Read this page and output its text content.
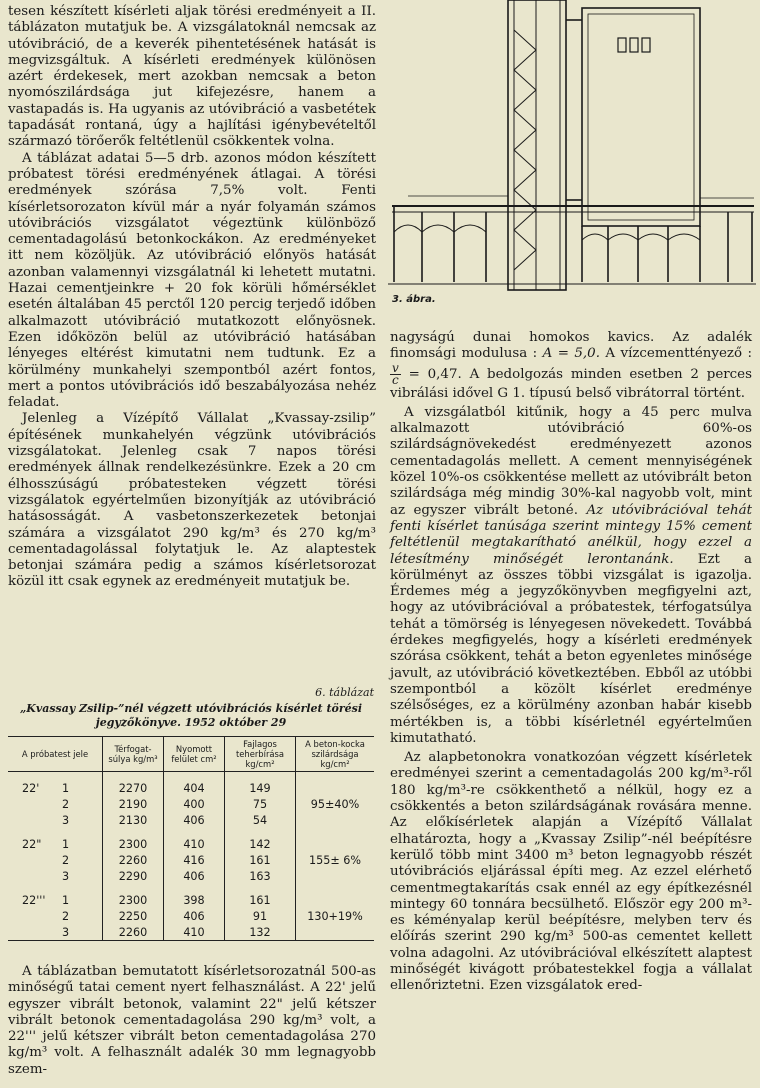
tesen készített kísérleti aljak törési eredményeit a II. táblázaton mutatjuk be. A vizsgálatoknál nemcsak az utóvibráció, de a keverék pihentetésének hatását is megvizsgáltuk. A kísérleti eredmények különösen azért érdekesek, mert azokban nemcsak a beton nyomószilárdsága jut kifejezésre, hanem a vastapadás is. Ha ugyanis az utóvibráció a vasbetétek tapadását rontaná, úgy a hajlítási igénybevételtől származó törőerők feltétlenül csökkentek volna.

A táblázat adatai 5—5 drb. azonos módon készített próbatest törési eredményének átlagai. A törési eredmények szórása 7,5% volt. Fenti kísérletsorozaton kívül már a nyár folyamán számos utóvibrációs vizsgálatot végeztünk különböző cementadagolású betonkockákon. Az eredményeket itt nem közöljük. Az utóvibráció előnyös hatását azonban valamennyi vizsgálatnál ki lehetett mutatni. Hazai cementjeinkre + 20 fok körüli hőmérséklet esetén általában 45 perctől 120 percig terjedő időben alkalmazott utóvibráció mutatkozott előnyösnek. Ezen időközön belül az utóvibráció hatásában lényeges eltérést kimutatni nem tudtunk. Ez a körülmény munkahelyi szempontból azért fontos, mert a pontos utóvibrációs idő beszabályozása nehéz feladat.

Jelenleg a Vízépítő Vállalat „Kvassay-zsilip” építésének munkahelyén végzünk utóvibrációs vizsgálatokat. Jelenleg csak 7 napos törési eredmények állnak rendelkezésünkre. Ezek a 20 cm élhosszúságú próbatesteken végzett törési vizsgálatok egyértelműen bizonyítják az utóvibráció hatásosságát. A vasbetonszerkezetek betonjai számára a vizsgálatot 290 kg/m³ és 270 kg/m³ cementadagolással folytatjuk le. Az alaptestek betonjai számára pedig a számos kísérletsorozat közül itt csak egynek az eredményeit mutatjuk be.

6. táblázat
„Kvassay Zsilip-”nél végzett utóvibrációs kísérlet törési jegyzőkönyve. 1952 október 29
A próbatest jele	Térfogat-súlya kg/m³	Nyomott felület cm²	Fajlagos teherbírása kg/cm²	A beton-kocka szilárdsága kg/cm²

22' 1	2270	404	149	
2	2190	400	75	95±40%
3	2130	406	54	

22" 1	2300	410	142	
2	2260	416	161	155± 6%
3	2290	406	163	

22''' 1	2300	398	161	
2	2250	406	91	130+19%
3	2260	410	132	

A táblázatban bemutatott kísérletsorozatnál 500-as minőségű tatai cement nyert felhasználást. A 22' jelű egyszer vibrált betonok, valamint 22" jelű kétszer vibrált betonok cementadagolása 290 kg/m³ volt, a 22''' jelű kétszer vibrált beton cementadagolása 270 kg/m³ volt. A felhasznált adalék 30 mm legnagyobb szem-

3. ábra.

nagyságú dunai homokos kavics. Az adalék finomsági modulusa : A = 5,0. A vízcementtényező :
$\frac{v}{c} = 0,47$. A bedolgozás minden esetben 2 perces vibrálási idővel G 1. típusú belső vibrátorral történt.

A vizsgálatból kitűnik, hogy a 45 perc mulva alkalmazott utóvibráció 60%-os szilárdságnövekedést eredményezett azonos cementadagolás mellett. A cement mennyiségének közel 10%-os csökkentése mellett az utóvibrált beton szilárdsága még mindig 30%-kal nagyobb volt, mint az egyszer vibrált betoné. Az utóvibrációval tehát fenti kísérlet tanúsága szerint mintegy 15% cement feltétlenül megtakarítható anélkül, hogy ezzel a létesítmény minőségét lerontanánk. Ezt a körülményt az összes többi vizsgálat is igazolja. Érdemes még a jegyzőkönyvben megfigyelni azt, hogy az utóvibrációval a próbatestek, térfogatsúlya tehát a tömörség is lényegesen növekedett. Továbbá érdekes megfigyelés, hogy a kísérleti eredmények szórása csökkent, tehát a beton egyenletes minősége javult, az utóvibráció következtében. Ebből az utóbbi szempontból a közölt kísérlet eredménye szélsőséges, ez a körülmény azonban habár kisebb mértékben is, a többi kísérletnél egyértelműen kimutatható.

Az alapbetonokra vonatkozóan végzett kísérletek eredményei szerint a cementadagolás 200 kg/m³-ről 180 kg/m³-re csökkenthető a nélkül, hogy ez a csökkentés a beton szilárdságának rovására menne. Az előkísérletek alapján a Vízépítő Vállalat elhatározta, hogy a „Kvassay Zsilip”-nél beépítésre kerülő több mint 3400 m³ beton legnagyobb részét utóvibrációs eljárással építi meg. Az ezzel elérhető cementmegtakarítás csak ennél az egy építkezésnél mintegy 60 tonnára becsülhető. Először egy 200 m³-es kéményalap kerül beépítésre, melyben terv és előírás szerint 290 kg/m³ 500-as cementet kellett volna adagolni. Az utóvibrációval elkészített alaptest minőségét kivágott próbatestekkel fogja a vállalat ellenőriztetni. Ezen vizsgálatok ered-
